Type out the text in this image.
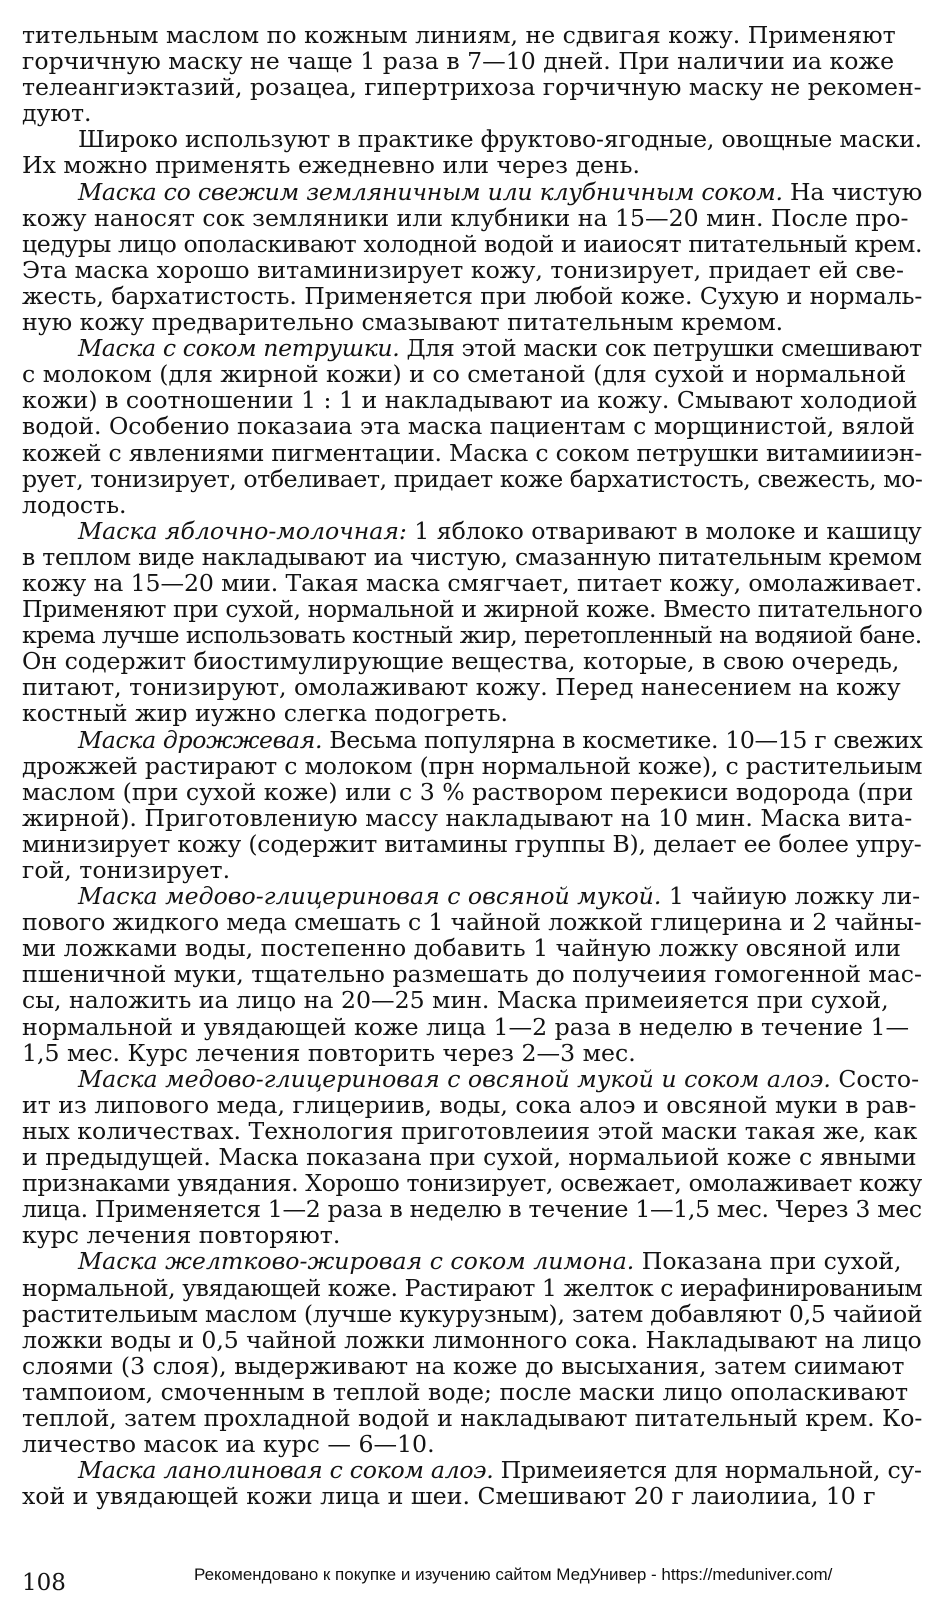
тительным маслом по кожным линиям, не сдвигая кожу. Применяют
горчичную маску не чаще 1 раза в 7—10 дней. При наличии иа коже
телеангиэктазий, розацеа, гипертрихоза горчичную маску не рекомен-
дуют.

Широко используют в практике фруктово-ягодные, овощные маски.
Их можно применять ежедневно или через день.

Маска со свежим земляничным или клубничным соком. На чистую
кожу наносят сок земляники или клубники на 15—20 мин. После про-
цедуры лицо ополаскивают холодной водой и иаиосят питательный крем.
Эта маска хорошо витаминизирует кожу, тонизирует, придает ей све-
жесть, бархатистость. Применяется при любой коже. Сухую и нормаль-
ную кожу предварительно смазывают питательным кремом.

Маска с соком петрушки. Для этой маски сок петрушки смешивают
с молоком (для жирной кожи) и со сметаной (для сухой и нормальной
кожи) в соотношении 1 : 1 и накладывают иа кожу. Смывают холодиой
водой. Особенио показаиа эта маска пациентам с морщинистой, вялой
кожей с явлениями пигментации. Маска с соком петрушки витамиииэн-
рует, тонизирует, отбеливает, придает коже бархатистость, свежесть, мо-
лодость.

Маска яблочно-молочная: 1 яблоко отваривают в молоке и кашицу
в теплом виде накладывают иа чистую, смазанную питательным кремом
кожу на 15—20 мии. Такая маска смягчает, питает кожу, омолаживает.
Применяют при сухой, нормальной и жирной коже. Вместо питательного
крема лучше использовать костный жир, перетопленный на водяиой бане.
Он содержит биостимулирующие вещества, которые, в свою очередь,
питают, тонизируют, омолаживают кожу. Перед нанесением на кожу
костный жир иужно слегка подогреть.

Маска дрожжевая. Весьма популярна в косметике. 10—15 г свежих
дрожжей растирают с молоком (прн нормальной коже), с растительиым
маслом (при сухой коже) или с 3 % раствором перекиси водорода (при
жирной). Приготовлениую массу накладывают на 10 мин. Маска вита-
минизирует кожу (содержит витамины группы В), делает ее более упру-
гой, тонизирует.

Маска медово-глицериновая с овсяной мукой. 1 чайиую ложку ли-
пового жидкого меда смешать с 1 чайной ложкой глицерина и 2 чайны-
ми ложками воды, постепенно добавить 1 чайную ложку овсяной или
пшеничной муки, тщательно размешать до получеиия гомогенной мас-
сы, наложить иа лицо на 20—25 мин. Маска примеияется при сухой,
нормальной и увядающей коже лица 1—2 раза в неделю в течение 1—
1,5 мес. Курс лечения повторить через 2—3 мес.

Маска медово-глицериновая с овсяной мукой и соком алоэ. Состо-
ит из липового меда, глицериив, воды, сока алоэ и овсяной муки в рав-
ных количествах. Технология приготовлеиия этой маски такая же, как
и предыдущей. Маска показана при сухой, нормальиой коже с явными
признаками увядания. Хорошо тонизирует, освежает, омолаживает кожу
лица. Применяется 1—2 раза в неделю в течение 1—1,5 мес. Через 3 мес
курс лечения повторяют.

Маска желтково-жировая с соком лимона. Показана при сухой,
нормальной, увядающей коже. Растирают 1 желток с иерафинированиым
растительиым маслом (лучше кукурузным), затем добавляют 0,5 чайиой
ложки воды и 0,5 чайной ложки лимонного сока. Накладывают на лицо
слоями (3 слоя), выдерживают на коже до высыхания, затем сиимают
тампоиом, смоченным в теплой воде; после маски лицо ополаскивают
теплой, затем прохладной водой и накладывают питательный крем. Ко-
личество масок иа курс — 6—10.

Маска ланолиновая с соком алоэ. Примеияется для нормальной, су-
хой и увядающей кожи лица и шеи. Смешивают 20 г лаиолииа, 10 г

Рекомендовано к покупке и изучению сайтом МедУнивер - https://meduniver.com/
108
